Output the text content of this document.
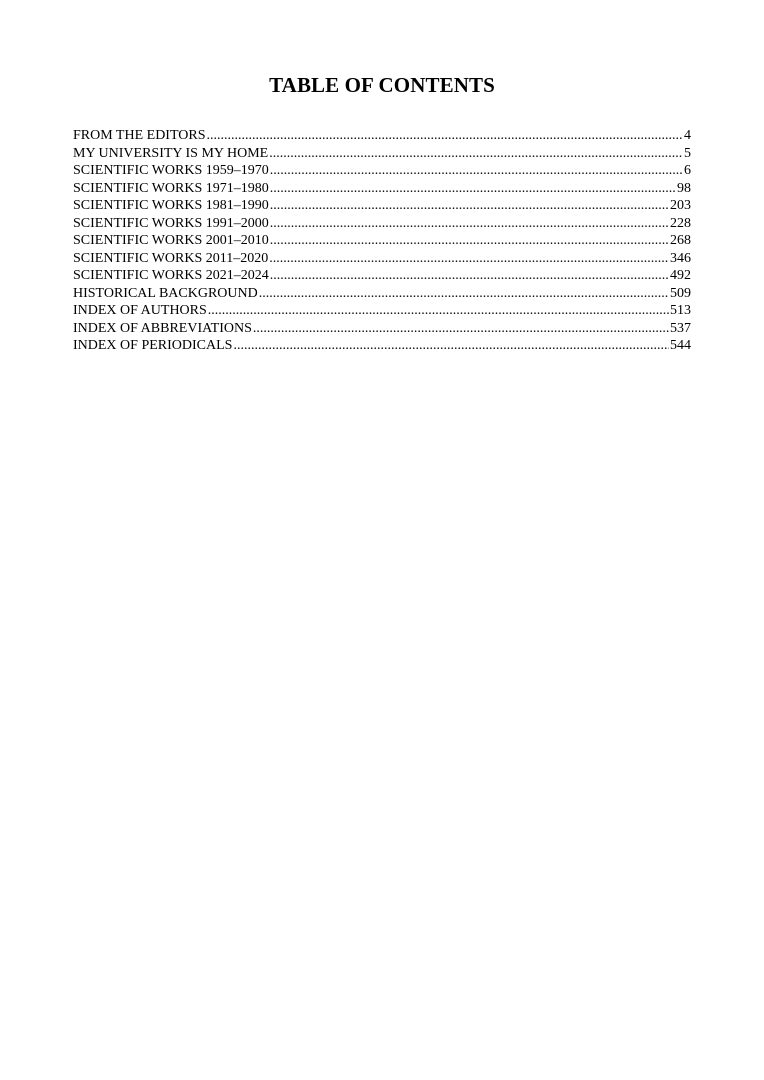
TABLE OF CONTENTS
FROM THE EDITORS .....	4
MY UNIVERSITY IS MY HOME .....	5
SCIENTIFIC WORKS 1959–1970 .....	6
SCIENTIFIC WORKS 1971–1980 .....	98
SCIENTIFIC WORKS 1981–1990 .....	203
SCIENTIFIC WORKS 1991–2000 .....	228
SCIENTIFIC WORKS 2001–2010 .....	268
SCIENTIFIC WORKS 2011–2020 .....	346
SCIENTIFIC WORKS 2021–2024 .....	492
HISTORICAL BACKGROUND .....	509
INDEX OF AUTHORS .....	513
INDEX OF ABBREVIATIONS .....	537
INDEX OF PERIODICALS .....	544
